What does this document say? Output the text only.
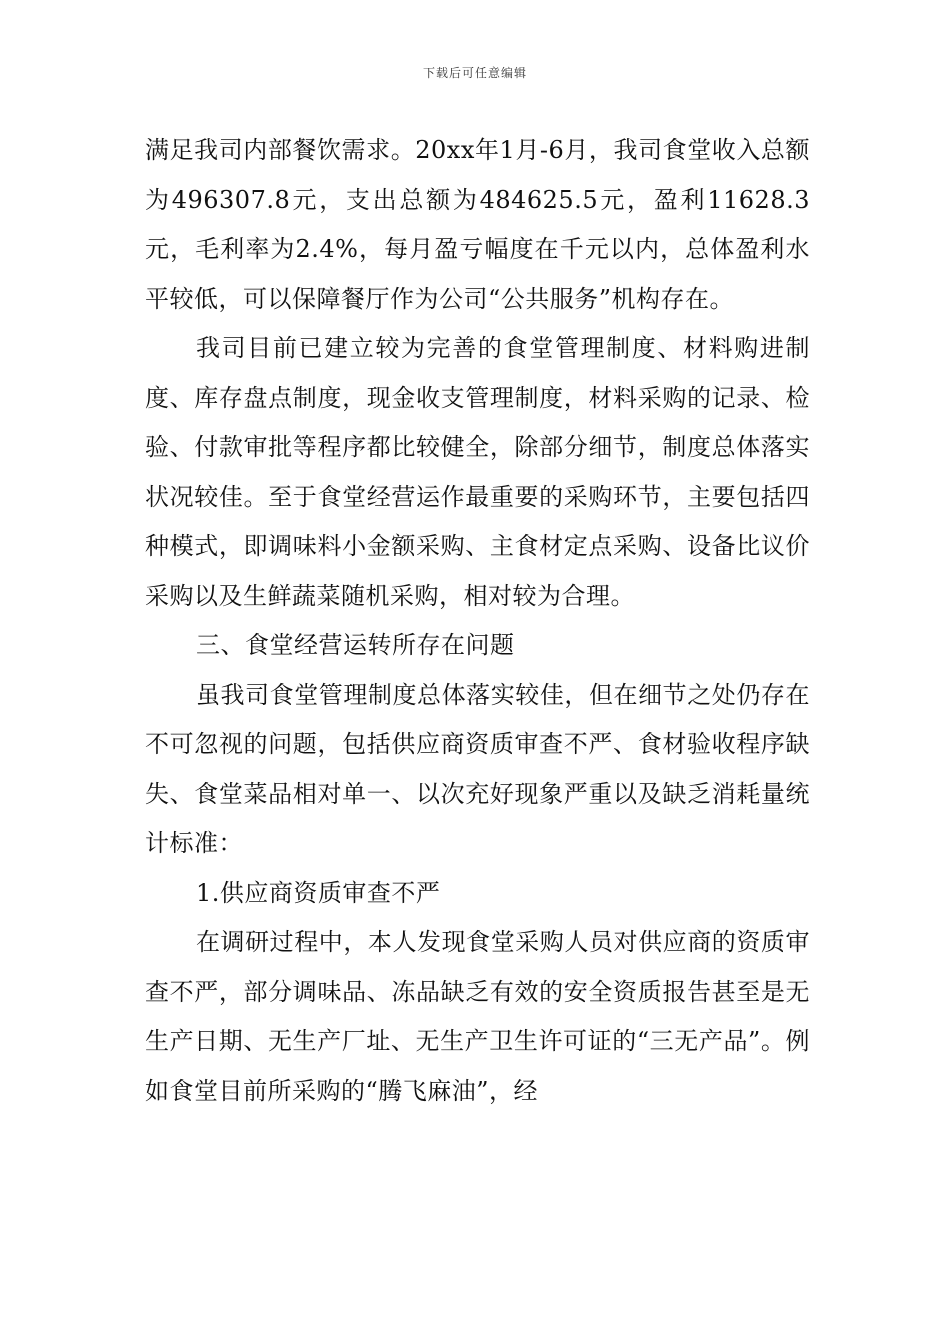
下载后可任意编辑

满足我司内部餐饮需求。20xx年1月-6月，我司食堂收入总额为496307.8元，支出总额为484625.5元，盈利11628.3元，毛利率为2.4%，每月盈亏幅度在千元以内，总体盈利水平较低，可以保障餐厅作为公司“公共服务”机构存在。

我司目前已建立较为完善的食堂管理制度、材料购进制度、库存盘点制度，现金收支管理制度，材料采购的记录、检验、付款审批等程序都比较健全，除部分细节，制度总体落实状况较佳。至于食堂经营运作最重要的采购环节，主要包括四种模式，即调味料小金额采购、主食材定点采购、设备比议价采购以及生鲜蔬菜随机采购，相对较为合理。

三、食堂经营运转所存在问题

虽我司食堂管理制度总体落实较佳，但在细节之处仍存在不可忽视的问题，包括供应商资质审查不严、食材验收程序缺失、食堂菜品相对单一、以次充好现象严重以及缺乏消耗量统计标准：

1.供应商资质审查不严

在调研过程中，本人发现食堂采购人员对供应商的资质审查不严，部分调味品、冻品缺乏有效的安全资质报告甚至是无生产日期、无生产厂址、无生产卫生许可证的“三无产品”。例如食堂目前所采购的“腾飞麻油”，经
